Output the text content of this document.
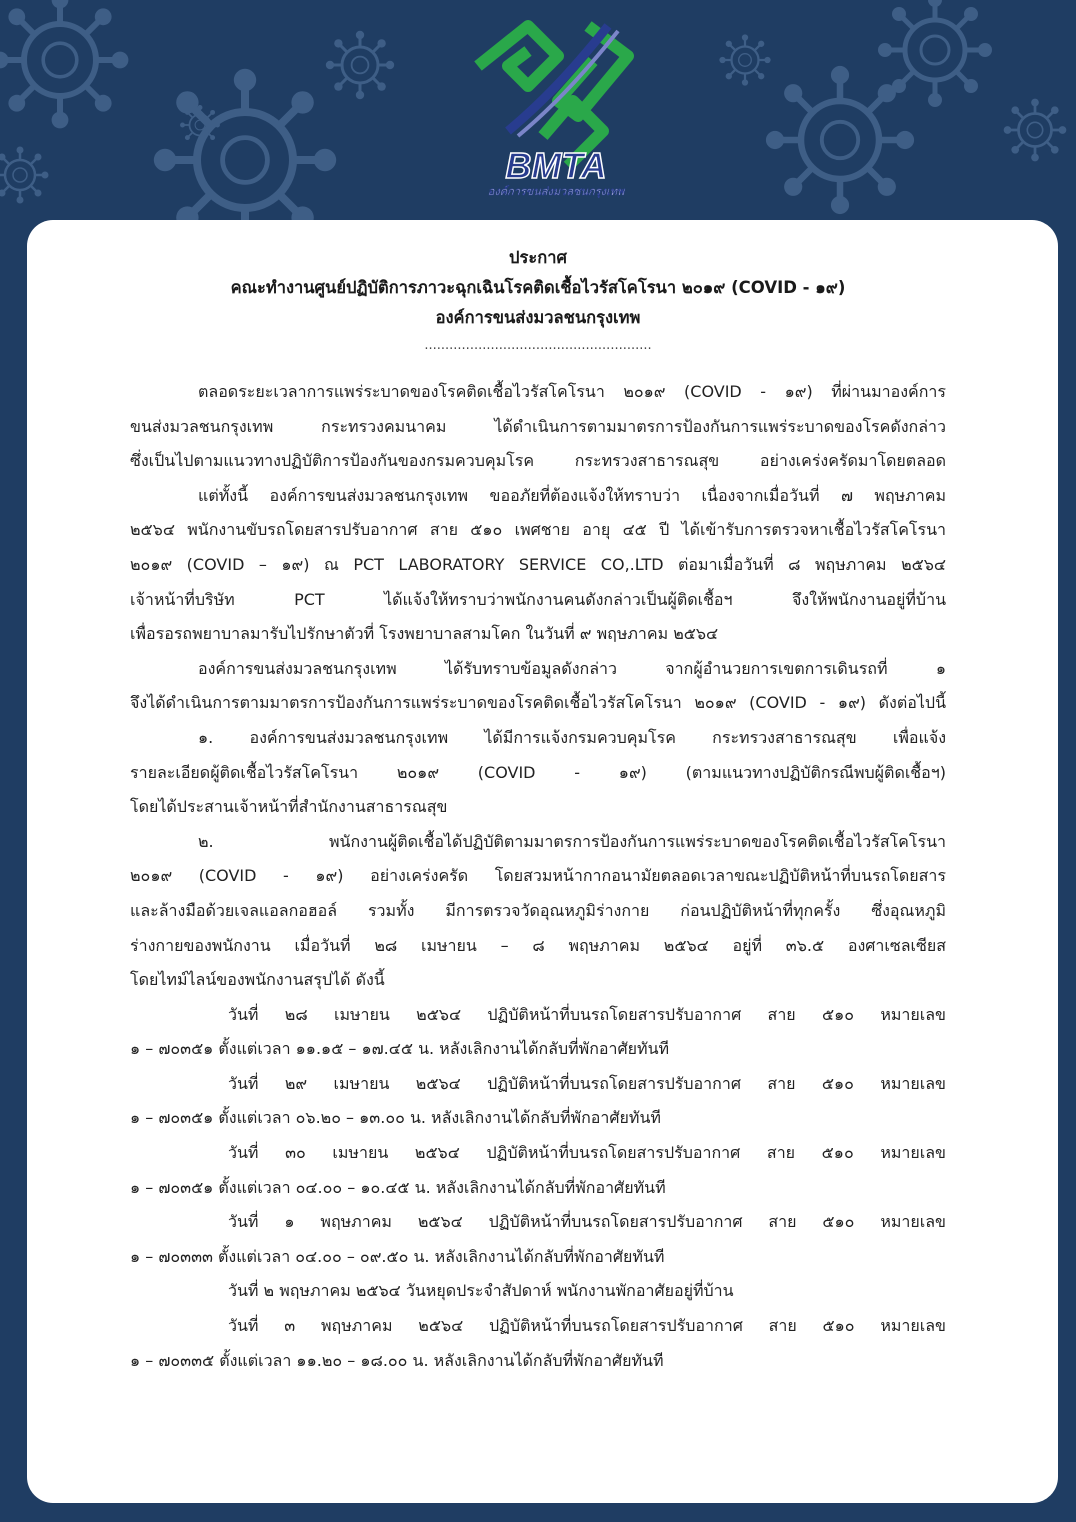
BMTA
องค์การขนส่งมวลชนกรุงเทพ
ประกาศ
คณะทำงานศูนย์ปฏิบัติการภาวะฉุกเฉินโรคติดเชื้อไวรัสโคโรนา ๒๐๑๙ (COVID - ๑๙)
องค์การขนส่งมวลชนกรุงเทพ
.......................................................
ตลอดระยะเวลาการแพร่ระบาดของโรคติดเชื้อไวรัสโคโรนา ๒๐๑๙ (COVID - ๑๙) ที่ผ่านมาองค์การ
ขนส่งมวลชนกรุงเทพ กระทรวงคมนาคม ได้ดำเนินการตามมาตรการป้องกันการแพร่ระบาดของโรคดังกล่าว
ซึ่งเป็นไปตามแนวทางปฏิบัติการป้องกันของกรมควบคุมโรค กระทรวงสาธารณสุข อย่างเคร่งครัดมาโดยตลอด
แต่ทั้งนี้ องค์การขนส่งมวลชนกรุงเทพ ขออภัยที่ต้องแจ้งให้ทราบว่า เนื่องจากเมื่อวันที่ ๗ พฤษภาคม
๒๕๖๔ พนักงานขับรถโดยสารปรับอากาศ สาย ๕๑๐ เพศชาย อายุ ๔๕ ปี ได้เข้ารับการตรวจหาเชื้อไวรัสโคโรนา
๒๐๑๙ (COVID – ๑๙) ณ PCT LABORATORY SERVICE CO,.LTD ต่อมาเมื่อวันที่ ๘ พฤษภาคม ๒๕๖๔
เจ้าหน้าที่บริษัท PCT ได้แจ้งให้ทราบว่าพนักงานคนดังกล่าวเป็นผู้ติดเชื้อฯ จึงให้พนักงานอยู่ที่บ้าน
เพื่อรอรถพยาบาลมารับไปรักษาตัวที่ โรงพยาบาลสามโคก ในวันที่ ๙ พฤษภาคม ๒๕๖๔
องค์การขนส่งมวลชนกรุงเทพ ได้รับทราบข้อมูลดังกล่าว จากผู้อำนวยการเขตการเดินรถที่ ๑
จึงได้ดำเนินการตามมาตรการป้องกันการแพร่ระบาดของโรคติดเชื้อไวรัสโคโรนา ๒๐๑๙ (COVID - ๑๙) ดังต่อไปนี้
๑. องค์การขนส่งมวลชนกรุงเทพ ได้มีการแจ้งกรมควบคุมโรค กระทรวงสาธารณสุข เพื่อแจ้ง
รายละเอียดผู้ติดเชื้อไวรัสโคโรนา ๒๐๑๙ (COVID - ๑๙) (ตามแนวทางปฏิบัติกรณีพบผู้ติดเชื้อฯ)
โดยได้ประสานเจ้าหน้าที่สำนักงานสาธารณสุข
๒. พนักงานผู้ติดเชื้อได้ปฏิบัติตามมาตรการป้องกันการแพร่ระบาดของโรคติดเชื้อไวรัสโคโรนา
๒๐๑๙ (COVID - ๑๙) อย่างเคร่งครัด โดยสวมหน้ากากอนามัยตลอดเวลาขณะปฏิบัติหน้าที่บนรถโดยสาร
และล้างมือด้วยเจลแอลกอฮอล์ รวมทั้ง มีการตรวจวัดอุณหภูมิร่างกาย ก่อนปฏิบัติหน้าที่ทุกครั้ง ซึ่งอุณหภูมิ
ร่างกายของพนักงาน เมื่อวันที่ ๒๘ เมษายน – ๘ พฤษภาคม ๒๕๖๔ อยู่ที่ ๓๖.๕ องศาเซลเซียส
โดยไทม์ไลน์ของพนักงานสรุปได้ ดังนี้
วันที่ ๒๘ เมษายน ๒๕๖๔ ปฏิบัติหน้าที่บนรถโดยสารปรับอากาศ สาย ๕๑๐ หมายเลข
๑ – ๗๐๓๕๑ ตั้งแต่เวลา ๑๑.๑๕ – ๑๗.๔๕ น. หลังเลิกงานได้กลับที่พักอาศัยทันที
วันที่ ๒๙ เมษายน ๒๕๖๔ ปฏิบัติหน้าที่บนรถโดยสารปรับอากาศ สาย ๕๑๐ หมายเลข
๑ – ๗๐๓๕๑ ตั้งแต่เวลา ๐๖.๒๐ – ๑๓.๐๐ น. หลังเลิกงานได้กลับที่พักอาศัยทันที
วันที่ ๓๐ เมษายน ๒๕๖๔ ปฏิบัติหน้าที่บนรถโดยสารปรับอากาศ สาย ๕๑๐ หมายเลข
๑ – ๗๐๓๕๑ ตั้งแต่เวลา ๐๔.๐๐ – ๑๐.๔๕ น. หลังเลิกงานได้กลับที่พักอาศัยทันที
วันที่ ๑ พฤษภาคม ๒๕๖๔ ปฏิบัติหน้าที่บนรถโดยสารปรับอากาศ สาย ๕๑๐ หมายเลข
๑ – ๗๐๓๓๓ ตั้งแต่เวลา ๐๔.๐๐ – ๐๙.๕๐ น. หลังเลิกงานได้กลับที่พักอาศัยทันที
วันที่ ๒ พฤษภาคม ๒๕๖๔ วันหยุดประจำสัปดาห์ พนักงานพักอาศัยอยู่ที่บ้าน
วันที่ ๓ พฤษภาคม ๒๕๖๔ ปฏิบัติหน้าที่บนรถโดยสารปรับอากาศ สาย ๕๑๐ หมายเลข
๑ – ๗๐๓๓๕ ตั้งแต่เวลา ๑๑.๒๐ – ๑๘.๐๐ น. หลังเลิกงานได้กลับที่พักอาศัยทันที
